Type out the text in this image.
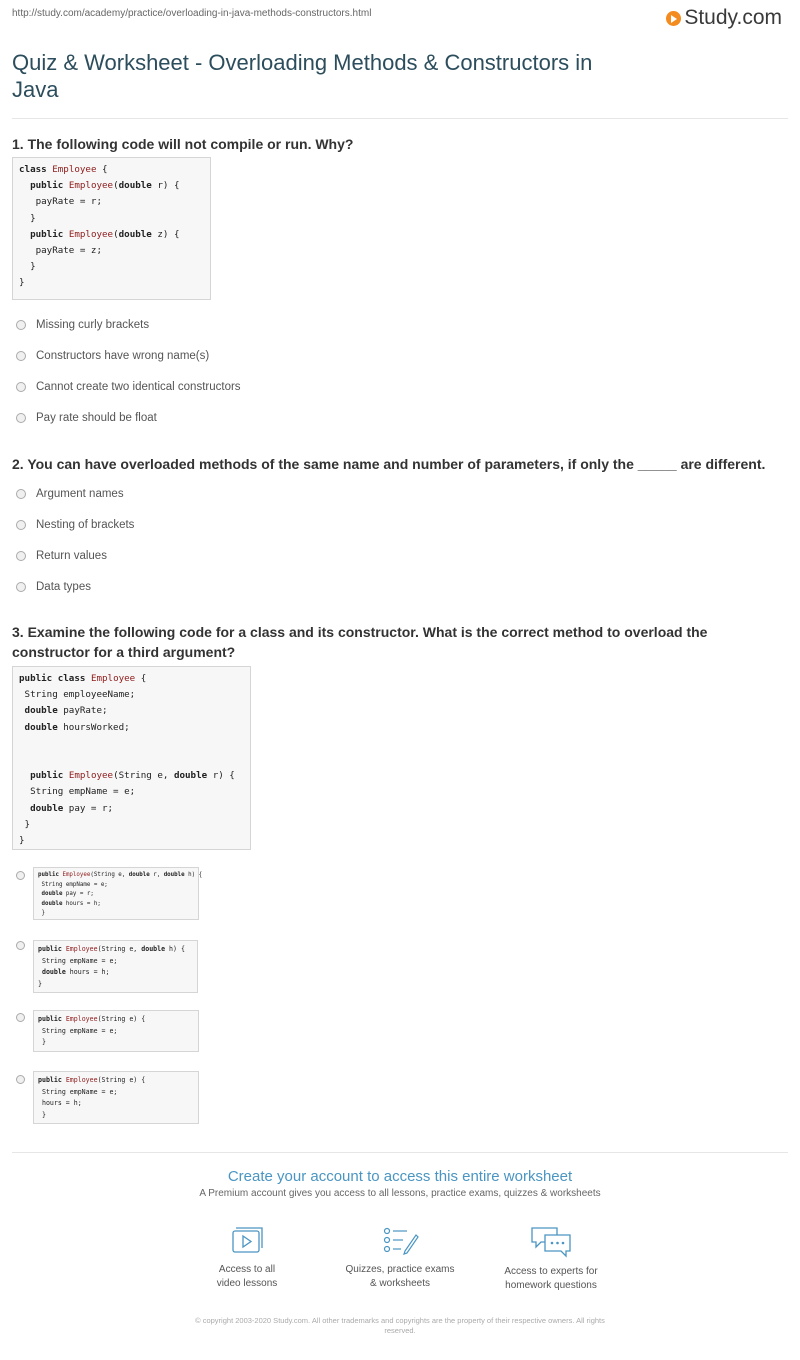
http://study.com/academy/practice/overloading-in-java-methods-constructors.html	Study.com
Quiz & Worksheet - Overloading Methods & Constructors in Java

1. The following code will not compile or run. Why?

class Employee {
public Employee(double r) {
payRate = r;
}
public Employee(double z) {
payRate = z;
}
}
Missing curly brackets
Constructors have wrong name(s)
Cannot create two identical constructors
Pay rate should be float

2. You can have overloaded methods of the same name and number of parameters, if only the _____ are different.

Argument names
Nesting of brackets
Return values
Data types

3. Examine the following code for a class and its constructor. What is the correct method to overload the
constructor for a third argument?

public class Employee {
String employeeName;
double payRate;
double hoursWorked;

public Employee(String e, double r) {
String empName = e;
double pay = r;
}
}
public Employee(String e, double r, double h) {
String empName = e;
double pay = r;
double hours = h;
}
public Employee(String e, double h) {
String empName = e;
double hours = h;
}
public Employee(String e) {
String empName = e;
}
public Employee(String e) {
String empName = e;
hours = h;
}
Create your account to access this entire worksheet
A Premium account gives you access to all lessons, practice exams, quizzes & worksheets
Access to all
video lessons
Quizzes, practice exams
& worksheets
Access to experts for
homework questions
© copyright 2003-2020 Study.com. All other trademarks and copyrights are the property of their respective owners. All rights
reserved.
